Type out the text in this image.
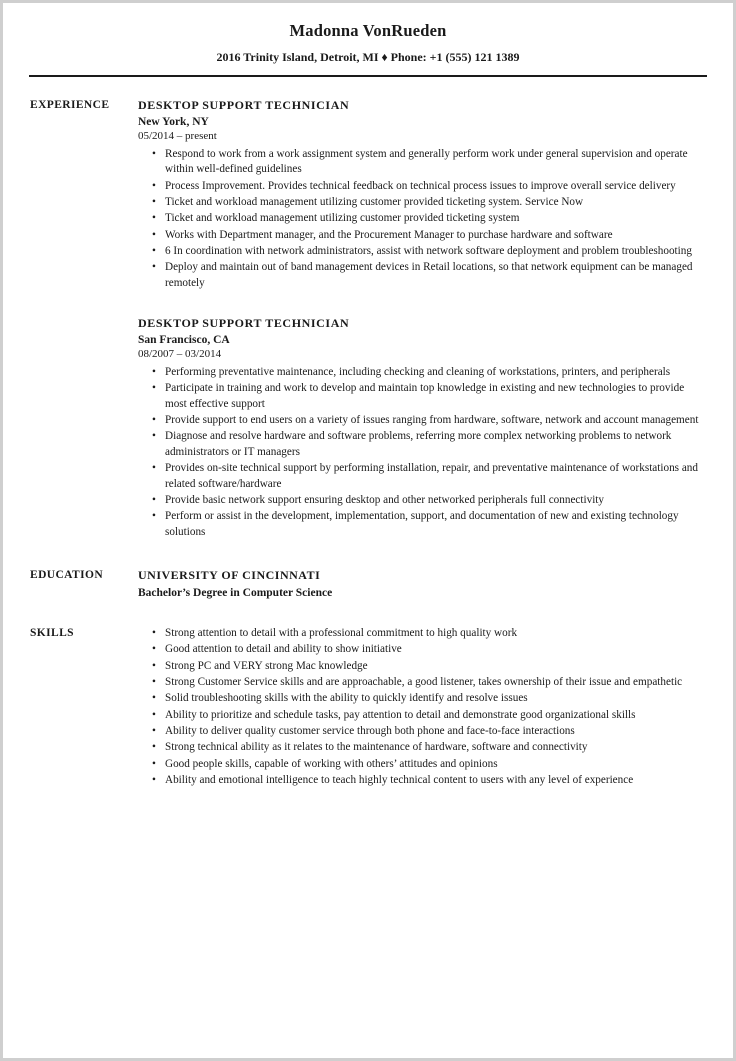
Madonna VonRueden
2016 Trinity Island, Detroit, MI ♦ Phone: +1 (555) 121 1389
EXPERIENCE	DESKTOP SUPPORT TECHNICIAN
New York, NY
05/2014 – present
• Respond to work from a work assignment system and generally perform work under general supervision and operate within well-defined guidelines
• Process Improvement. Provides technical feedback on technical process issues to improve overall service delivery
• Ticket and workload management utilizing customer provided ticketing system. Service Now
• Ticket and workload management utilizing customer provided ticketing system
• Works with Department manager, and the Procurement Manager to purchase hardware and software
• 6 In coordination with network administrators, assist with network software deployment and problem troubleshooting
• Deploy and maintain out of band management devices in Retail locations, so that network equipment can be managed remotely
DESKTOP SUPPORT TECHNICIAN
San Francisco, CA
08/2007 – 03/2014
• Performing preventative maintenance, including checking and cleaning of workstations, printers, and peripherals
• Participate in training and work to develop and maintain top knowledge in existing and new technologies to provide most effective support
• Provide support to end users on a variety of issues ranging from hardware, software, network and account management
• Diagnose and resolve hardware and software problems, referring more complex networking problems to network administrators or IT managers
• Provides on-site technical support by performing installation, repair, and preventative maintenance of workstations and related software/hardware
• Provide basic network support ensuring desktop and other networked peripherals full connectivity
• Perform or assist in the development, implementation, support, and documentation of new and existing technology solutions
EDUCATION	UNIVERSITY OF CINCINNATI
Bachelor’s Degree in Computer Science
SKILLS	• Strong attention to detail with a professional commitment to high quality work
• Good attention to detail and ability to show initiative
• Strong PC and VERY strong Mac knowledge
• Strong Customer Service skills and are approachable, a good listener, takes ownership of their issue and empathetic
• Solid troubleshooting skills with the ability to quickly identify and resolve issues
• Ability to prioritize and schedule tasks, pay attention to detail and demonstrate good organizational skills
• Ability to deliver quality customer service through both phone and face-to-face interactions
• Strong technical ability as it relates to the maintenance of hardware, software and connectivity
• Good people skills, capable of working with others’ attitudes and opinions
• Ability and emotional intelligence to teach highly technical content to users with any level of experience
